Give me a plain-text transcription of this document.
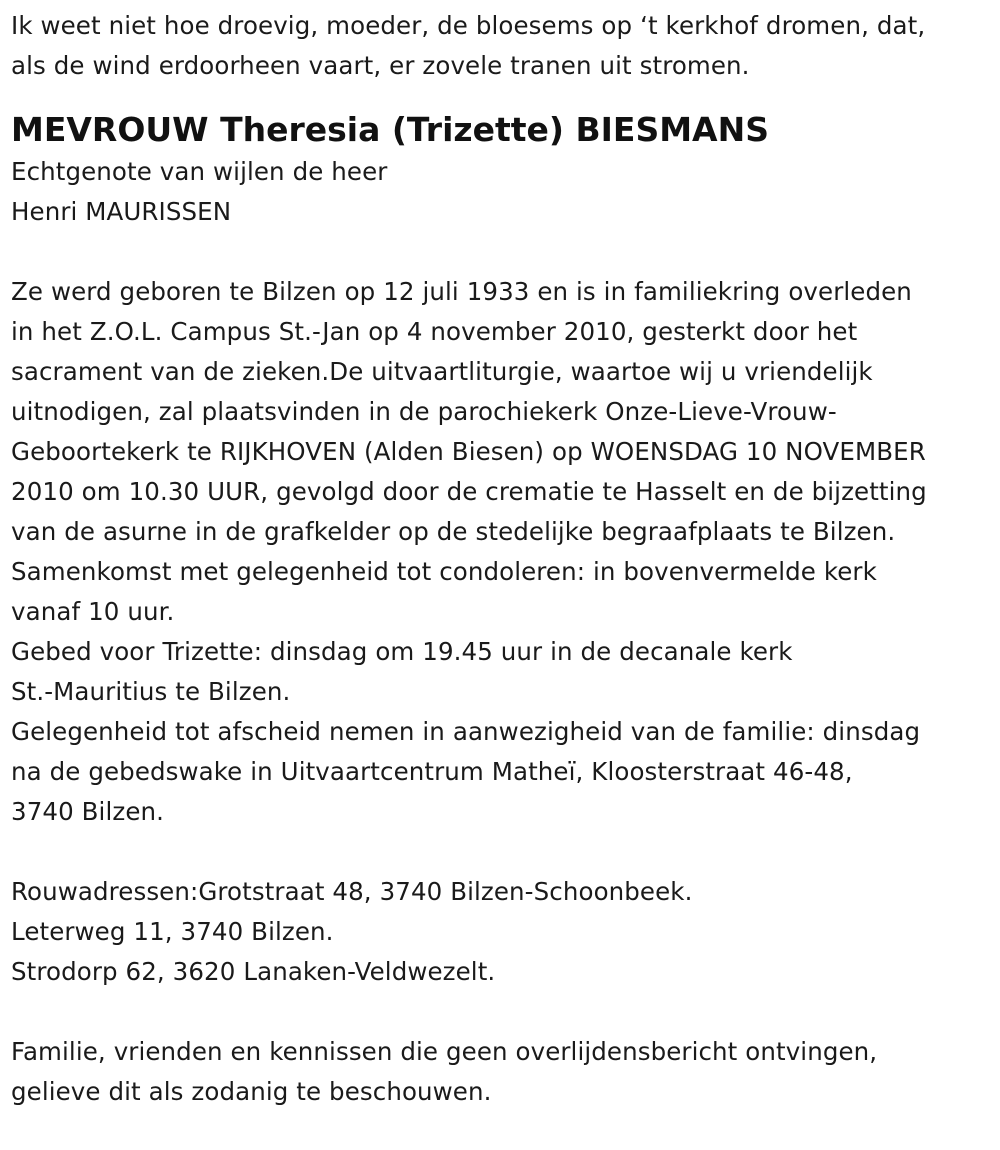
Ik weet niet hoe droevig, moeder, de bloesems op ‘t kerkhof dromen, dat,
als de wind erdoorheen vaart, er zovele tranen uit stromen.
MEVROUW Theresia (Trizette) BIESMANS
Echtgenote van wijlen de heer
Henri MAURISSEN
Ze werd geboren te Bilzen op 12 juli 1933 en is in familiekring overleden
in het Z.O.L. Campus St.-Jan op 4 november 2010, gesterkt door het
sacrament van de zieken.De uitvaartliturgie, waartoe wij u vriendelijk
uitnodigen, zal plaatsvinden in de parochiekerk Onze-Lieve-Vrouw-
Geboortekerk te RIJKHOVEN (Alden Biesen) op WOENSDAG 10 NOVEMBER
2010 om 10.30 UUR, gevolgd door de crematie te Hasselt en de bijzetting
van de asurne in de grafkelder op de stedelijke begraafplaats te Bilzen.
Samenkomst met gelegenheid tot condoleren: in bovenvermelde kerk
vanaf 10 uur.
Gebed voor Trizette: dinsdag om 19.45 uur in de decanale kerk
St.-Mauritius te Bilzen.
Gelegenheid tot afscheid nemen in aanwezigheid van de familie: dinsdag
na de gebedswake in Uitvaartcentrum Matheï, Kloosterstraat 46-48,
3740 Bilzen.
Rouwadressen:Grotstraat 48, 3740 Bilzen-Schoonbeek.
Leterweg 11, 3740 Bilzen.
Strodorp 62, 3620 Lanaken-Veldwezelt.
Familie, vrienden en kennissen die geen overlijdensbericht ontvingen,
gelieve dit als zodanig te beschouwen.
